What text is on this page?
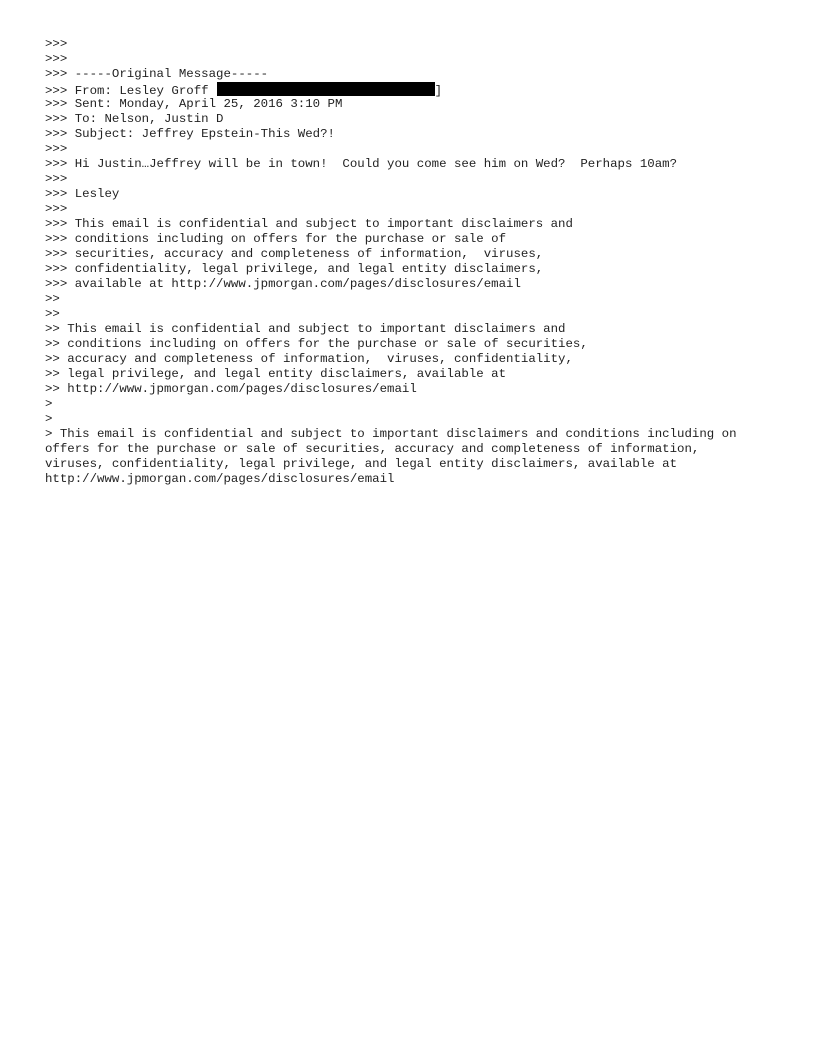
>>>
>>>
>>> -----Original Message-----
>>> From: Lesley Groff	]
>>> Sent: Monday, April 25, 2016 3:10 PM
>>> To: Nelson, Justin D
>>> Subject: Jeffrey Epstein-This Wed?!
>>>
>>> Hi Justin…Jeffrey will be in town!  Could you come see him on Wed?  Perhaps 10am?
>>>
>>> Lesley
>>>
>>> This email is confidential and subject to important disclaimers and
>>> conditions including on offers for the purchase or sale of
>>> securities, accuracy and completeness of information,  viruses,
>>> confidentiality, legal privilege, and legal entity disclaimers,
>>> available at http://www.jpmorgan.com/pages/disclosures/email
>>
>>
>> This email is confidential and subject to important disclaimers and
>> conditions including on offers for the purchase or sale of securities,
>> accuracy and completeness of information,  viruses, confidentiality,
>> legal privilege, and legal entity disclaimers, available at
>> http://www.jpmorgan.com/pages/disclosures/email
>
>
> This email is confidential and subject to important disclaimers and conditions including on
offers for the purchase or sale of securities, accuracy and completeness of information,
viruses, confidentiality, legal privilege, and legal entity disclaimers, available at
http://www.jpmorgan.com/pages/disclosures/email
